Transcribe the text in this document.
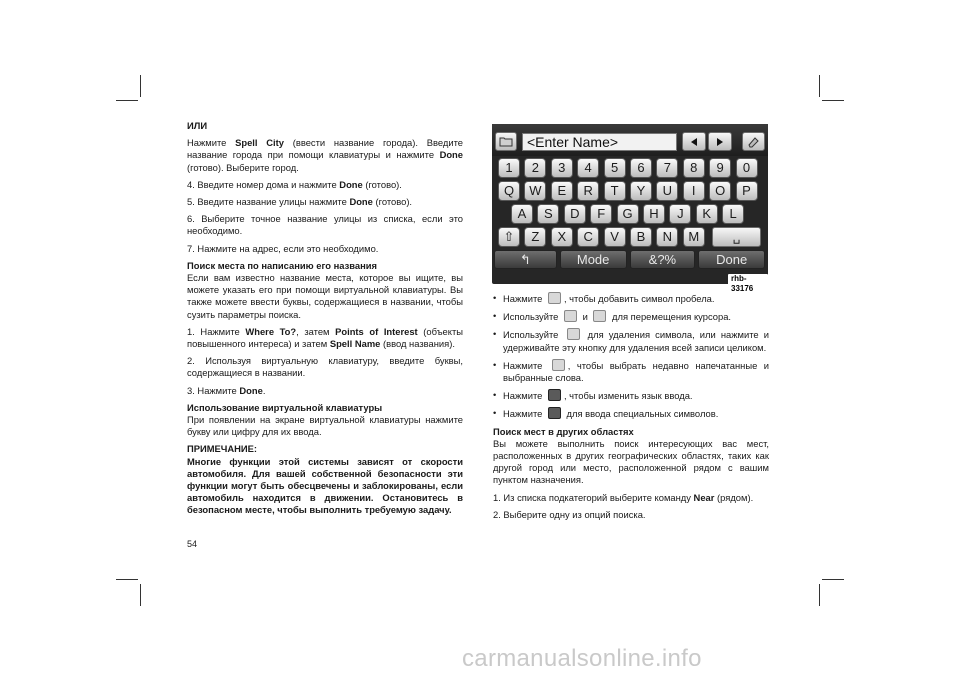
ИЛИ

Нажмите Spell City (ввести название города). Введите название города при помощи клавиатуры и нажмите Done (готово). Выберите город.

4. Введите номер дома и нажмите Done (готово).

5. Введите название улицы нажмите Done (готово).

6. Выберите точное название улицы из списка, если это необходимо.

7. Нажмите на адрес, если это необходимо.

Поиск места по написанию его названия

Если вам известно название места, которое вы ищите, вы можете указать его при помощи виртуальной клавиатуры. Вы также можете ввести буквы, содержащиеся в названии, чтобы сузить параметры поиска.

1. Нажмите Where To?, затем Points of Interest (объекты повышенного интереса) и затем Spell Name (ввод названия).

2. Используя виртуальную клавиатуру, введите буквы, содержащиеся в названии.

3. Нажмите Done.

Использование виртуальной клавиатуры

При появлении на экране виртуальной клавиатуры нажмите букву или цифру для их ввода.

ПРИМЕЧАНИЕ:

Многие функции этой системы зависят от скорости автомобиля. Для вашей собственной безопасности эти функции могут быть обесцвечены и заблокированы, если автомобиль находится в движении. Остановитесь в безопасном месте, чтобы выполнить требуемую задачу.

<Enter Name>
1	2	3	4	5	6	7	8	9	0
Q	W	E	R	T	Y	U	I	O	P
A	S	D	F	G	H	J	K	L
⇧	Z	X	C	V	B	N	M	␣
↰	Mode	&?%	Done
rhb-33176

• Нажмите , чтобы добавить символ пробела.

• Используйте  и  для перемещения курсора.

• Используйте  для удаления символа, или нажмите и удерживайте эту кнопку для удаления всей записи целиком.

• Нажмите , чтобы выбрать недавно напечатанные и выбранные слова.

• Нажмите , чтобы изменить язык ввода.

• Нажмите  для ввода специальных символов.

Поиск мест в других областях

Вы можете выполнить поиск интересующих вас мест, расположенных в других географических областях, таких как другой город или место, расположенной рядом с вашим пунктом назначения.

1. Из списка подкатегорий выберите команду Near (рядом).

2. Выберите одну из опций поиска.

54
carmanualsonline.info
